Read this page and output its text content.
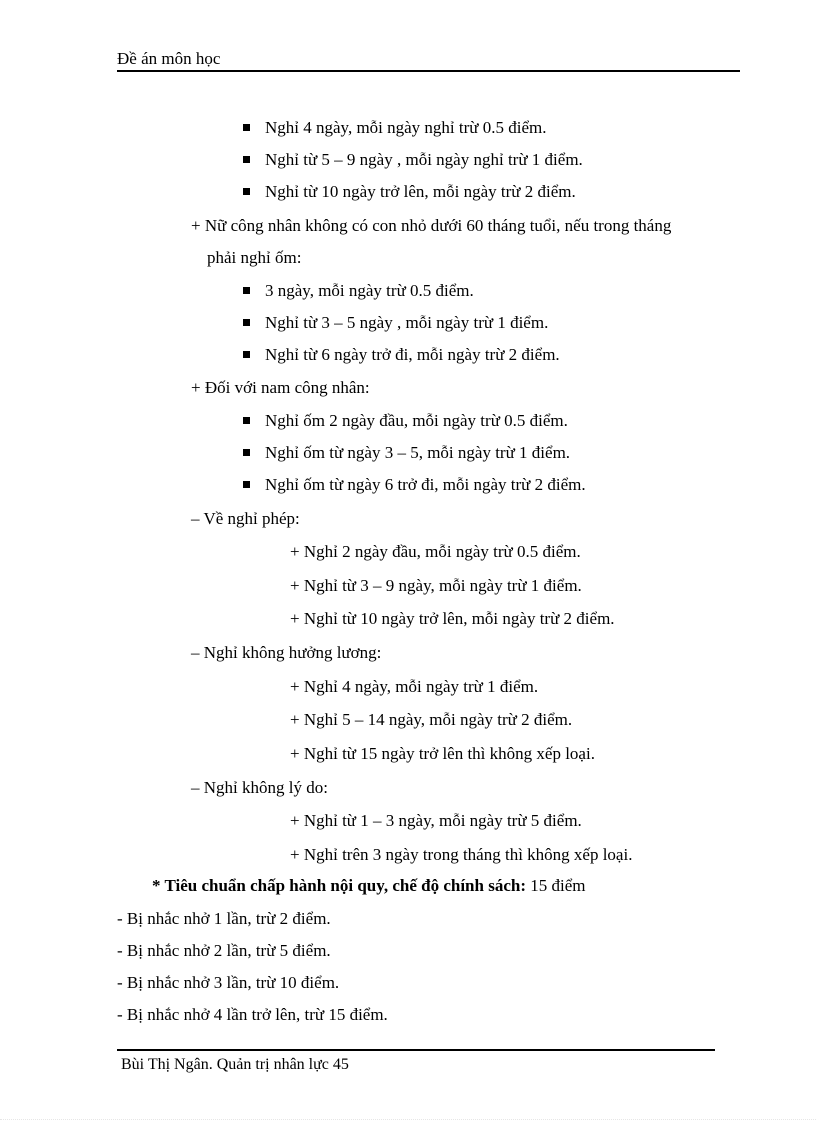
Đề án môn học
Nghỉ 4 ngày, mỗi ngày nghỉ trừ 0.5 điểm.
Nghỉ từ 5 – 9 ngày , mỗi ngày nghỉ trừ 1 điểm.
Nghỉ từ 10 ngày trở lên, mỗi ngày trừ 2 điểm.
+ Nữ công nhân không có con nhỏ dưới 60 tháng tuổi, nếu trong tháng
phải nghỉ ốm:
3 ngày, mỗi ngày trừ 0.5 điểm.
Nghỉ từ 3 – 5 ngày , mỗi ngày trừ 1 điểm.
Nghỉ từ 6 ngày trở đi, mỗi ngày trừ 2 điểm.
+ Đối với nam công nhân:
Nghỉ ốm 2 ngày đầu, mỗi ngày trừ 0.5 điểm.
Nghỉ ốm từ ngày 3 – 5, mỗi ngày trừ 1 điểm.
Nghỉ ốm từ ngày 6 trở đi, mỗi ngày trừ 2 điểm.
– Về nghỉ phép:
+ Nghỉ 2 ngày đầu, mỗi ngày trừ 0.5 điểm.
+ Nghỉ từ 3 – 9 ngày, mỗi ngày trừ 1 điểm.
+ Nghỉ từ 10 ngày trở lên, mỗi ngày trừ 2 điểm.
– Nghỉ không hưởng lương:
+ Nghỉ 4 ngày, mỗi ngày trừ 1 điểm.
+ Nghỉ 5 – 14 ngày, mỗi ngày trừ 2 điểm.
+ Nghỉ từ 15 ngày trở lên thì không xếp loại.
– Nghỉ không lý do:
+ Nghỉ từ 1 – 3 ngày, mỗi ngày trừ 5 điểm.
+ Nghỉ trên 3 ngày trong tháng thì không xếp loại.
* Tiêu chuẩn chấp hành nội quy, chế độ chính sách: 15 điểm
- Bị nhắc nhở 1 lần, trừ 2 điểm.
- Bị nhắc nhở 2 lần, trừ 5 điểm.
- Bị nhắc nhở 3 lần, trừ 10 điểm.
- Bị nhắc nhở 4 lần trở lên, trừ 15 điểm.
Bùi Thị Ngân. Quản trị nhân lực 45
